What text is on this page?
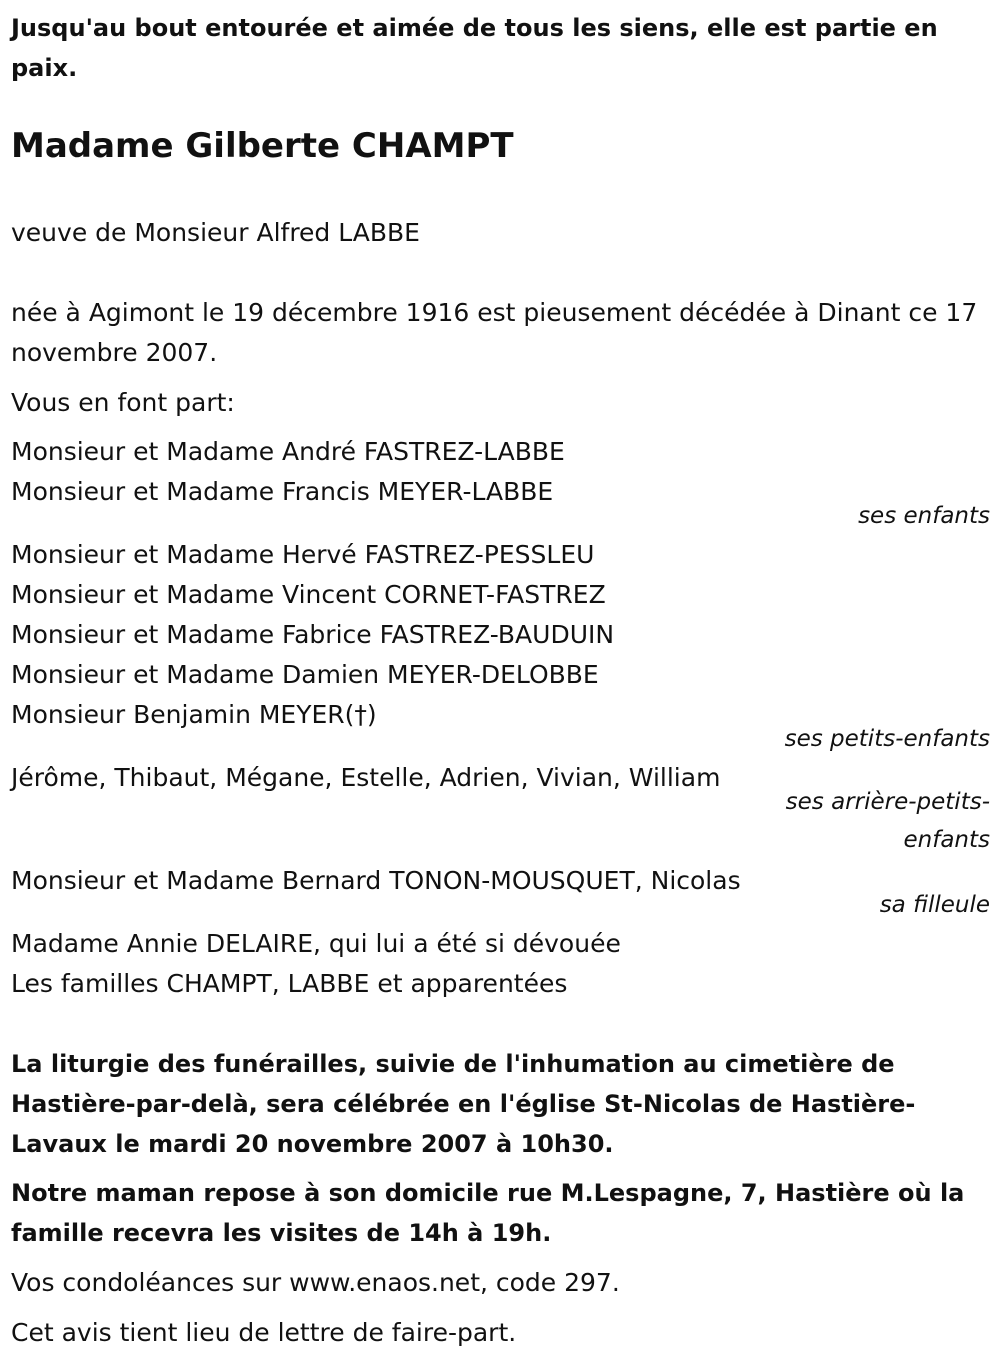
Jusqu'au bout entourée et aimée de tous les siens, elle est partie en paix.

Madame Gilberte CHAMPT

veuve de Monsieur Alfred LABBE

née à Agimont le 19 décembre 1916 est pieusement décédée à Dinant ce 17 novembre 2007.

Vous en font part:

Monsieur et Madame André FASTREZ-LABBE
Monsieur et Madame Francis MEYER-LABBE
ses enfants
Monsieur et Madame Hervé FASTREZ-PESSLEU
Monsieur et Madame Vincent CORNET-FASTREZ
Monsieur et Madame Fabrice FASTREZ-BAUDUIN
Monsieur et Madame Damien MEYER-DELOBBE
Monsieur Benjamin MEYER(†)
ses petits-enfants

Jérôme, Thibaut, Mégane, Estelle, Adrien, Vivian, William

ses arrière-petits-enfants

Monsieur et Madame Bernard TONON-MOUSQUET, Nicolas

sa filleule
Madame Annie DELAIRE, qui lui a été si dévouée
Les familles CHAMPT, LABBE et apparentées

La liturgie des funérailles, suivie de l'inhumation au cimetière de Hastière-par-delà, sera célébrée en l'église St-Nicolas de Hastière-Lavaux le mardi 20 novembre 2007 à 10h30.

Notre maman repose à son domicile rue M.Lespagne, 7, Hastière où la famille recevra les visites de 14h à 19h.

Vos condoléances sur www.enaos.net, code 297.

Cet avis tient lieu de lettre de faire-part.
